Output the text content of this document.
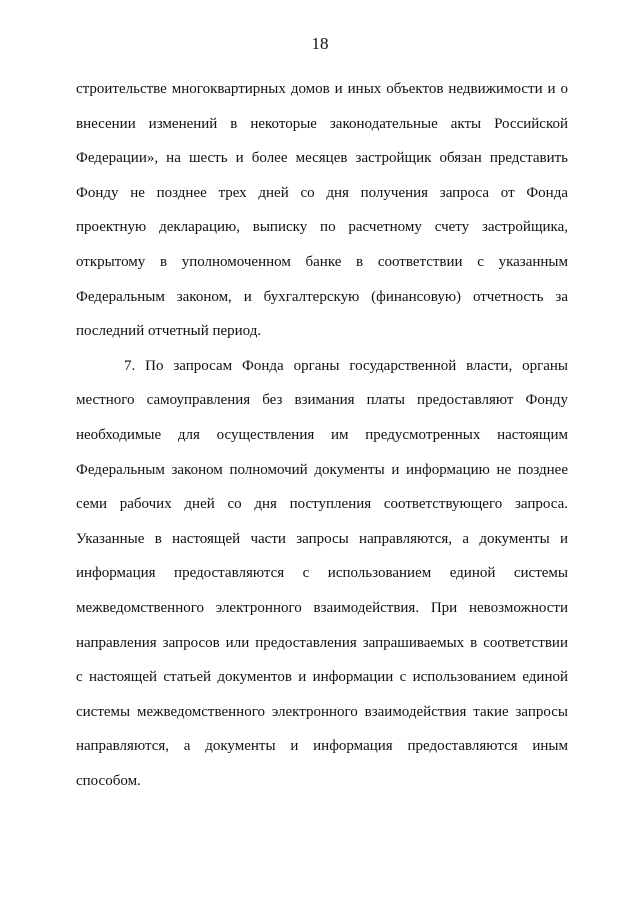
18
строительстве многоквартирных домов и иных объектов недвижимости и о
внесении изменений в некоторые законодательные акты Российской
Федерации», на шесть и более месяцев застройщик обязан представить
Фонду не позднее трех дней со дня получения запроса от Фонда
проектную декларацию, выписку по расчетному счету застройщика,
открытому в уполномоченном банке в соответствии с указанным
Федеральным законом, и бухгалтерскую (финансовую) отчетность за
последний отчетный период.
7. По запросам Фонда органы государственной власти, органы
местного самоуправления без взимания платы предоставляют Фонду
необходимые для осуществления им предусмотренных настоящим
Федеральным законом полномочий документы и информацию не позднее
семи рабочих дней со дня поступления соответствующего запроса.
Указанные в настоящей части запросы направляются, а документы и
информация предоставляются с использованием единой системы
межведомственного электронного взаимодействия. При невозможности
направления запросов или предоставления запрашиваемых в соответствии
с настоящей статьей документов и информации с использованием единой
системы межведомственного электронного взаимодействия такие запросы
направляются, а документы и информация предоставляются иным
способом.
